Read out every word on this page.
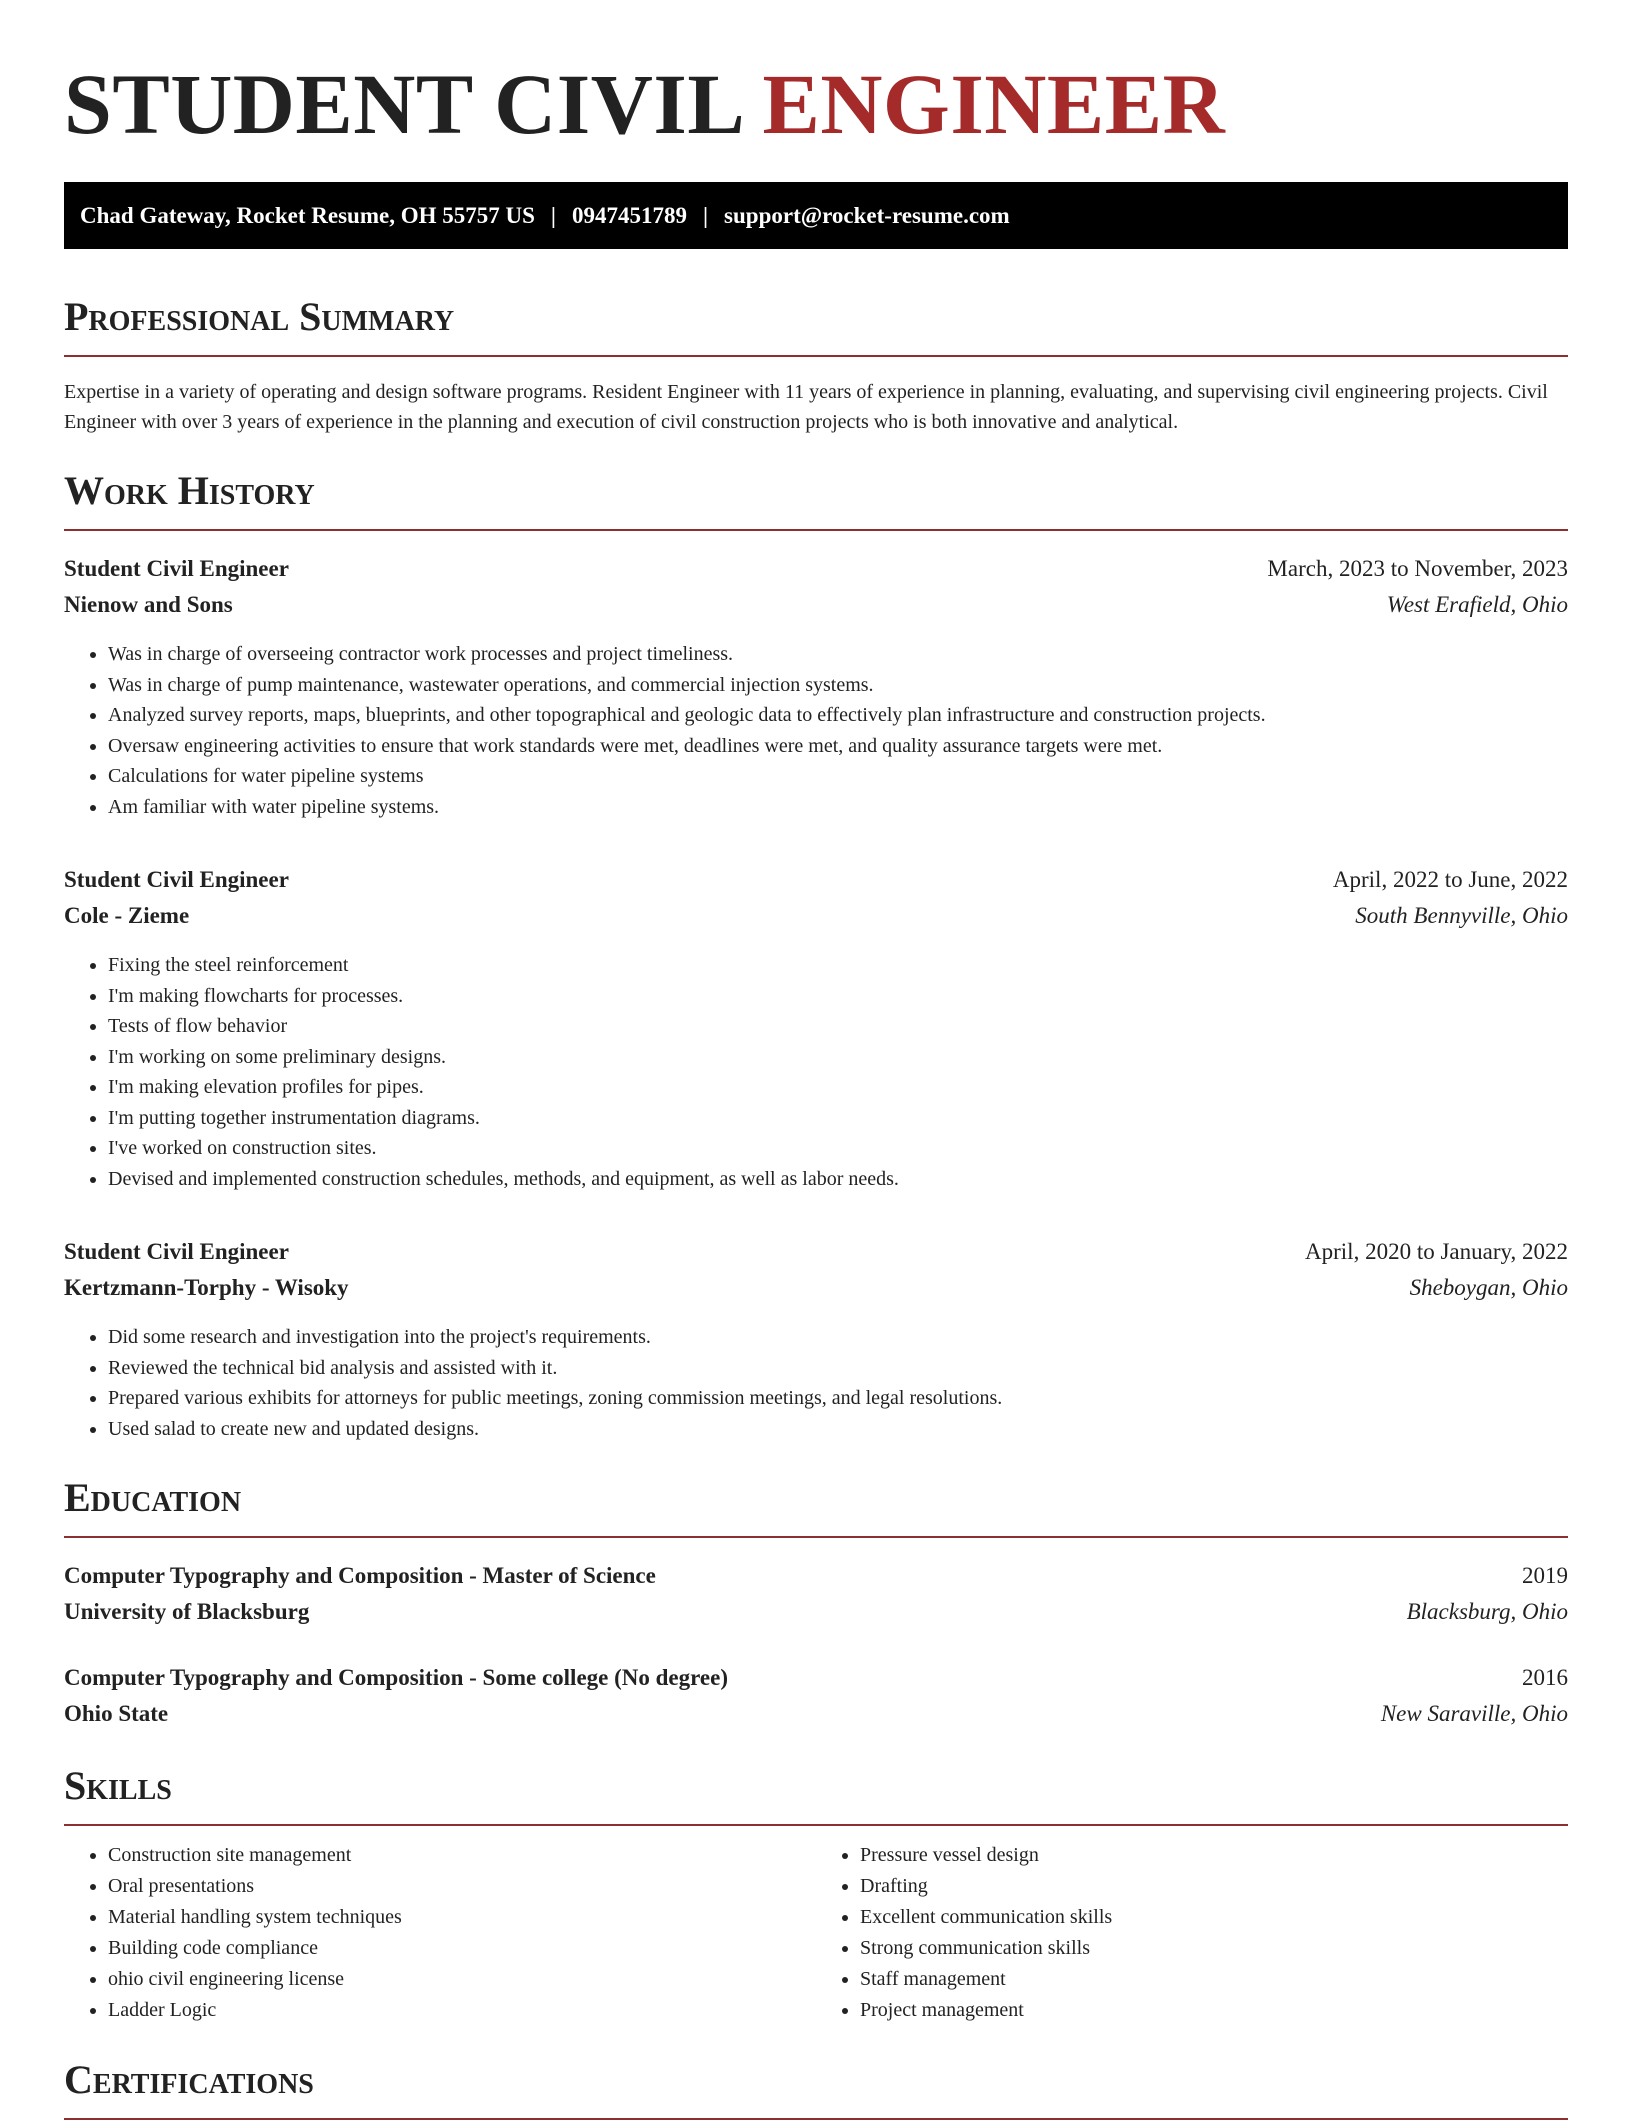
STUDENT CIVIL ENGINEER
Chad Gateway, Rocket Resume, OH 55757 US | 0947451789 | support@rocket-resume.com
Professional Summary

Expertise in a variety of operating and design software programs. Resident Engineer with 11 years of experience in planning, evaluating, and supervising civil engineering projects. Civil Engineer with over 3 years of experience in the planning and execution of civil construction projects who is both innovative and analytical.

Work History
Student Civil Engineer	March, 2023 to November, 2023
Nienow and Sons	West Erafield, Ohio
• Was in charge of overseeing contractor work processes and project timeliness.
• Was in charge of pump maintenance, wastewater operations, and commercial injection systems.
• Analyzed survey reports, maps, blueprints, and other topographical and geologic data to effectively plan infrastructure and construction projects.
• Oversaw engineering activities to ensure that work standards were met, deadlines were met, and quality assurance targets were met.
• Calculations for water pipeline systems
• Am familiar with water pipeline systems.
Student Civil Engineer	April, 2022 to June, 2022
Cole - Zieme	South Bennyville, Ohio
• Fixing the steel reinforcement
• I'm making flowcharts for processes.
• Tests of flow behavior
• I'm working on some preliminary designs.
• I'm making elevation profiles for pipes.
• I'm putting together instrumentation diagrams.
• I've worked on construction sites.
• Devised and implemented construction schedules, methods, and equipment, as well as labor needs.
Student Civil Engineer	April, 2020 to January, 2022
Kertzmann-Torphy - Wisoky	Sheboygan, Ohio
• Did some research and investigation into the project's requirements.
• Reviewed the technical bid analysis and assisted with it.
• Prepared various exhibits for attorneys for public meetings, zoning commission meetings, and legal resolutions.
• Used salad to create new and updated designs.
Education
Computer Typography and Composition - Master of Science	2019
University of Blacksburg	Blacksburg, Ohio
Computer Typography and Composition - Some college (No degree)	2016
Ohio State	New Saraville, Ohio
Skills
• Construction site management
• Oral presentations
• Material handling system techniques
• Building code compliance
• ohio civil engineering license
• Ladder Logic
• Pressure vessel design
• Drafting
• Excellent communication skills
• Strong communication skills
• Staff management
• Project management
Certifications
